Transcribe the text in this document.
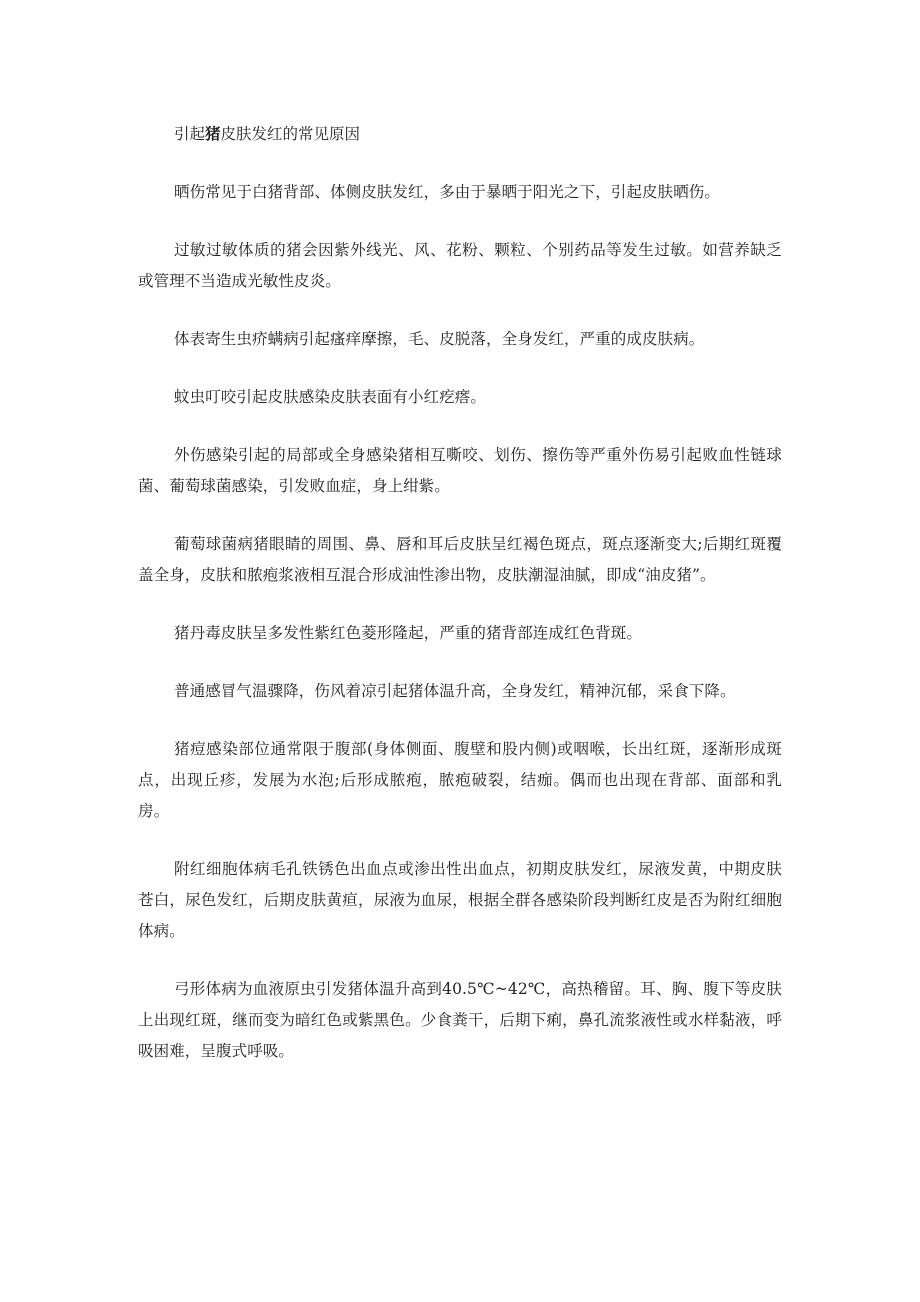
引起猪皮肤发红的常见原因

晒伤常见于白猪背部、体侧皮肤发红，多由于暴晒于阳光之下，引起皮肤晒伤。

过敏过敏体质的猪会因紫外线光、风、花粉、颗粒、个别药品等发生过敏。如营养缺乏或管理不当造成光敏性皮炎。

体表寄生虫疥螨病引起瘙痒摩擦，毛、皮脱落，全身发红，严重的成皮肤病。

蚊虫叮咬引起皮肤感染皮肤表面有小红疙瘩。

外伤感染引起的局部或全身感染猪相互嘶咬、划伤、擦伤等严重外伤易引起败血性链球菌、葡萄球菌感染，引发败血症，身上绀紫。

葡萄球菌病猪眼睛的周围、鼻、唇和耳后皮肤呈红褐色斑点，斑点逐渐变大;后期红斑覆盖全身，皮肤和脓疱浆液相互混合形成油性渗出物，皮肤潮湿油腻，即成“油皮猪”。

猪丹毒皮肤呈多发性紫红色菱形隆起，严重的猪背部连成红色背斑。

普通感冒气温骤降，伤风着凉引起猪体温升高，全身发红，精神沉郁，采食下降。

猪痘感染部位通常限于腹部(身体侧面、腹壁和股内侧)或咽喉，长出红斑，逐渐形成斑点，出现丘疹，发展为水泡;后形成脓疱，脓疱破裂，结痂。偶而也出现在背部、面部和乳房。

附红细胞体病毛孔铁锈色出血点或渗出性出血点，初期皮肤发红，尿液发黄，中期皮肤苍白，尿色发红，后期皮肤黄疸，尿液为血尿，根据全群各感染阶段判断红皮是否为附红细胞体病。

弓形体病为血液原虫引发猪体温升高到40.5℃~42℃，高热稽留。耳、胸、腹下等皮肤上出现红斑，继而变为暗红色或紫黑色。少食粪干，后期下痢，鼻孔流浆液性或水样黏液，呼吸困难，呈腹式呼吸。
